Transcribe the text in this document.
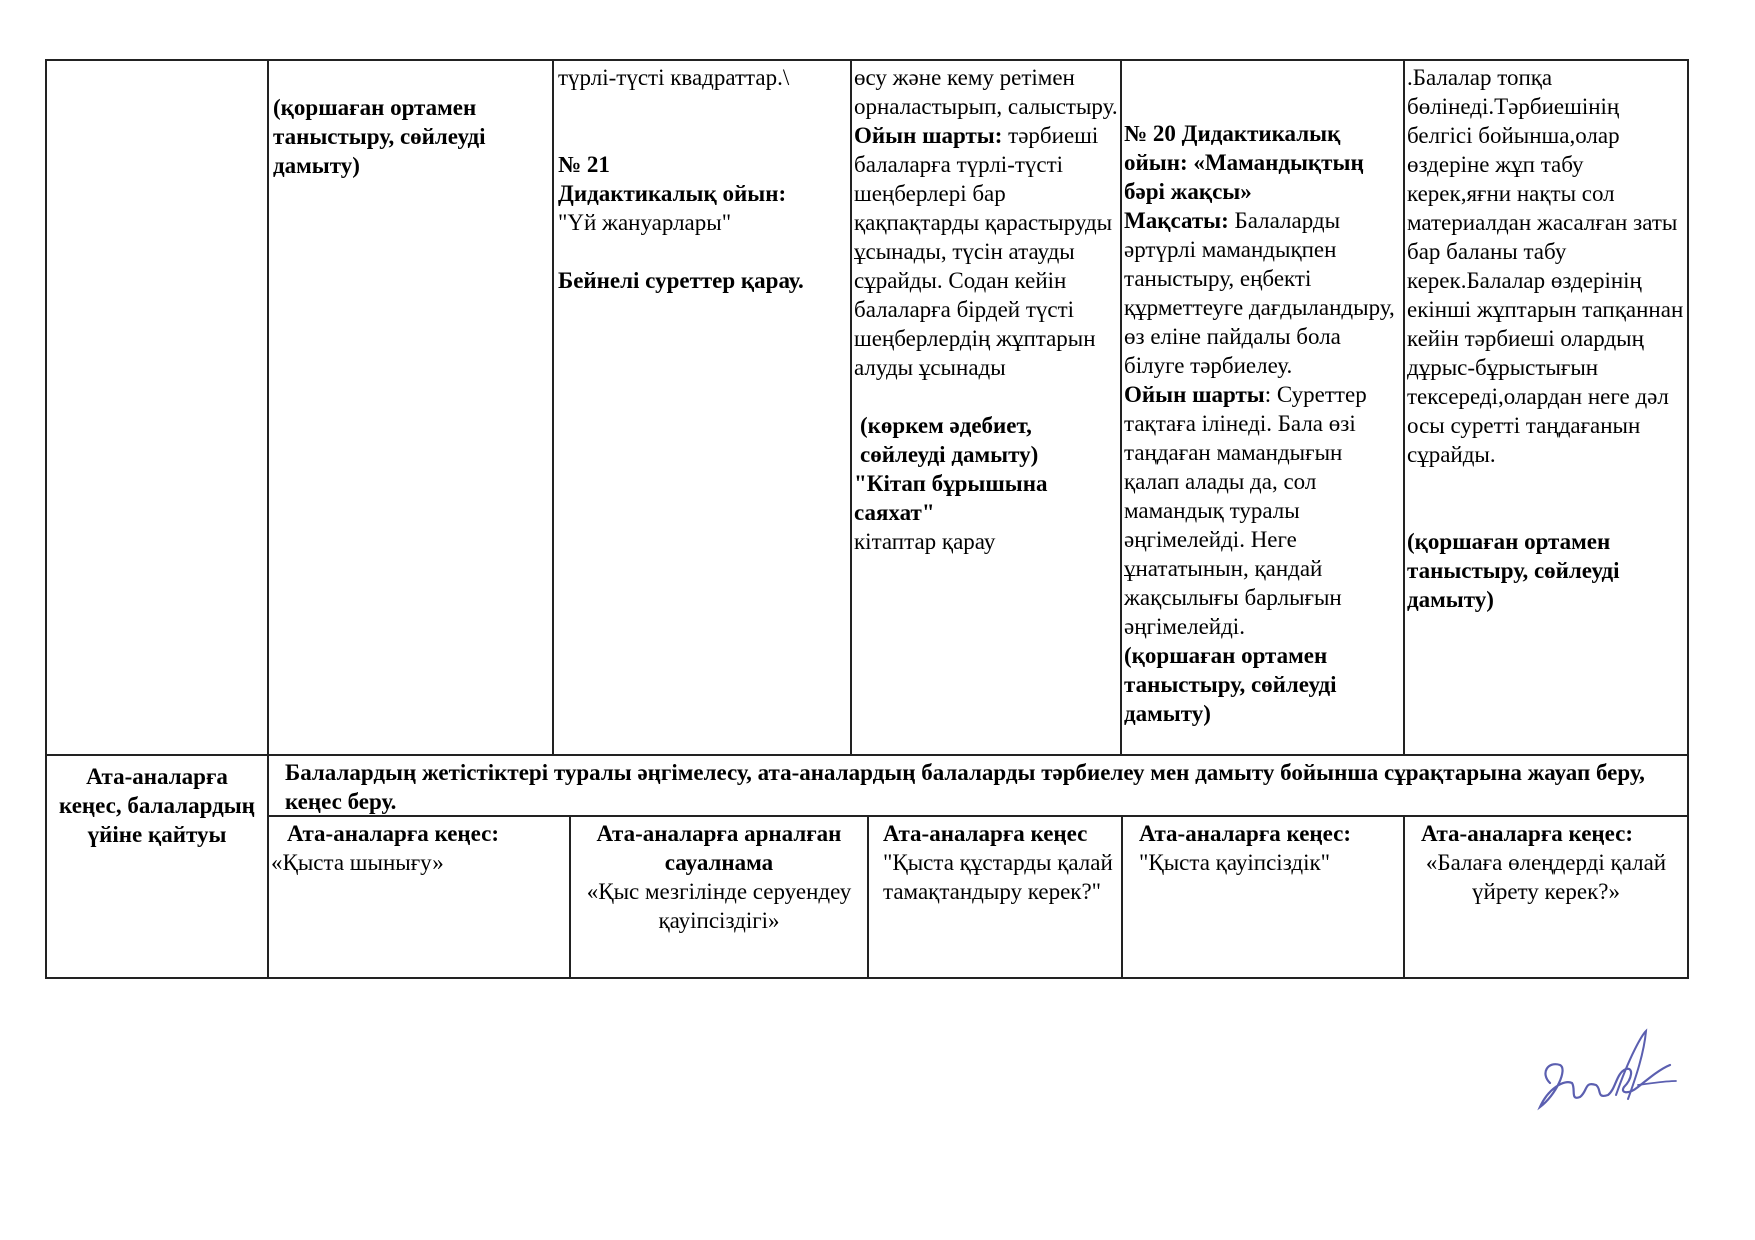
(қоршаған ортамен таныстыру, сөйлеуді дамыту)

түрлі-түсті квадраттар.\

№ 21

Дидактикалық ойын:

"Үй жануарлары"

Бейнелі суреттер қарау.

өсу және кему ретімен орналастырып, салыстыру. Ойын шарты: тәрбиеші балаларға түрлі-түсті шеңберлері бар қақпақтарды қарастыруды ұсынады, түсін атауды сұрайды. Содан кейін балаларға бірдей түсті шеңберлердің жұптарын алуды ұсынады

(көркем әдебиет, сөйлеуді дамыту)

"Кітап бұрышына саяхат"

кітаптар қарау

№ 20 Дидактикалық ойын: «Мамандықтың бәрі жақсы»

Мақсаты: Балаларды әртүрлі мамандықпен таныстыру, еңбекті құрметтеуге дағдыландыру, өз еліне пайдалы бола білуге тәрбиелеу.

Ойын шарты: Суреттер тақтаға ілінеді. Бала өзі таңдаған мамандығын қалап алады да, сол мамандық туралы әңгімелейді. Неге ұнататынын, қандай жақсылығы барлығын әңгімелейді.

(қоршаған ортамен таныстыру, сөйлеуді дамыту)

.Балалар топқа бөлінеді.Тәрбиешінің белгісі бойынша,олар өздеріне жұп табу керек,яғни нақты сол материалдан жасалған заты бар баланы табу керек.Балалар өздерінің екінші жұптарын тапқаннан кейін тәрбиеші олардың дұрыс-бұрыстығын тексереді,олардан неге дәл осы суретті таңдағанын сұрайды.

(қоршаған ортамен таныстыру, сөйлеуді дамыту)

Ата-аналарға кеңес, балалардың үйіне қайтуы

Балалардың жетістіктері туралы әңгімелесу, ата-аналардың балаларды тәрбиелеу мен дамыту бойынша сұрақтарына жауап беру, кеңес беру.

Ата-аналарға кеңес:

«Қыста шынығу»

Ата-аналарға арналған сауалнама

«Қыс мезгілінде серуендеу қауіпсіздігі»

Ата-аналарға кеңес

"Қыста құстарды қалай тамақтандыру керек?"

Ата-аналарға кеңес:

"Қыста қауіпсіздік"

Ата-аналарға кеңес:

«Балаға өлеңдерді қалай үйрету керек?»
